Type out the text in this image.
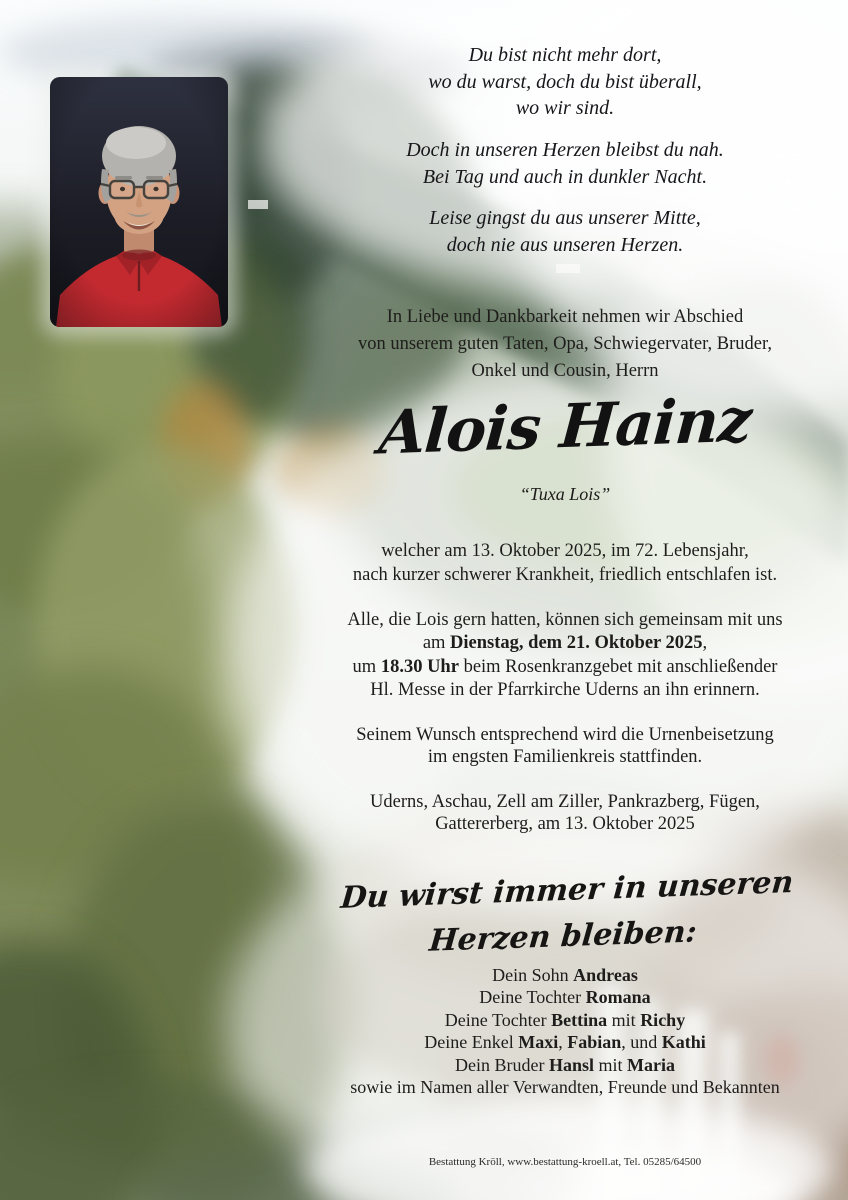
Du bist nicht mehr dort,
wo du warst, doch du bist überall,
wo wir sind.
Doch in unseren Herzen bleibst du nah.
Bei Tag und auch in dunkler Nacht.
Leise gingst du aus unserer Mitte,
doch nie aus unseren Herzen.
In Liebe und Dankbarkeit nehmen wir Abschied
von unserem guten Taten, Opa, Schwiegervater, Bruder,
Onkel und Cousin, Herrn
Alois Hainz
“Tuxa Lois”
welcher am 13. Oktober 2025, im 72. Lebensjahr,
nach kurzer schwerer Krankheit, friedlich entschlafen ist.
Alle, die Lois gern hatten, können sich gemeinsam mit uns
am Dienstag, dem 21. Oktober 2025,
um 18.30 Uhr beim Rosenkranzgebet mit anschließender
Hl. Messe in der Pfarrkirche Uderns an ihn erinnern.
Seinem Wunsch entsprechend wird die Urnenbeisetzung
im engsten Familienkreis stattfinden.
Uderns, Aschau, Zell am Ziller, Pankrazberg, Fügen,
Gattererberg, am 13. Oktober 2025
Du wirst immer in unseren
Herzen bleiben:
Dein Sohn Andreas
Deine Tochter Romana
Deine Tochter Bettina mit Richy
Deine Enkel Maxi, Fabian, und Kathi
Dein Bruder Hansl mit Maria
sowie im Namen aller Verwandten, Freunde und Bekannten
Bestattung Kröll, www.bestattung-kroell.at, Tel. 05285/64500
